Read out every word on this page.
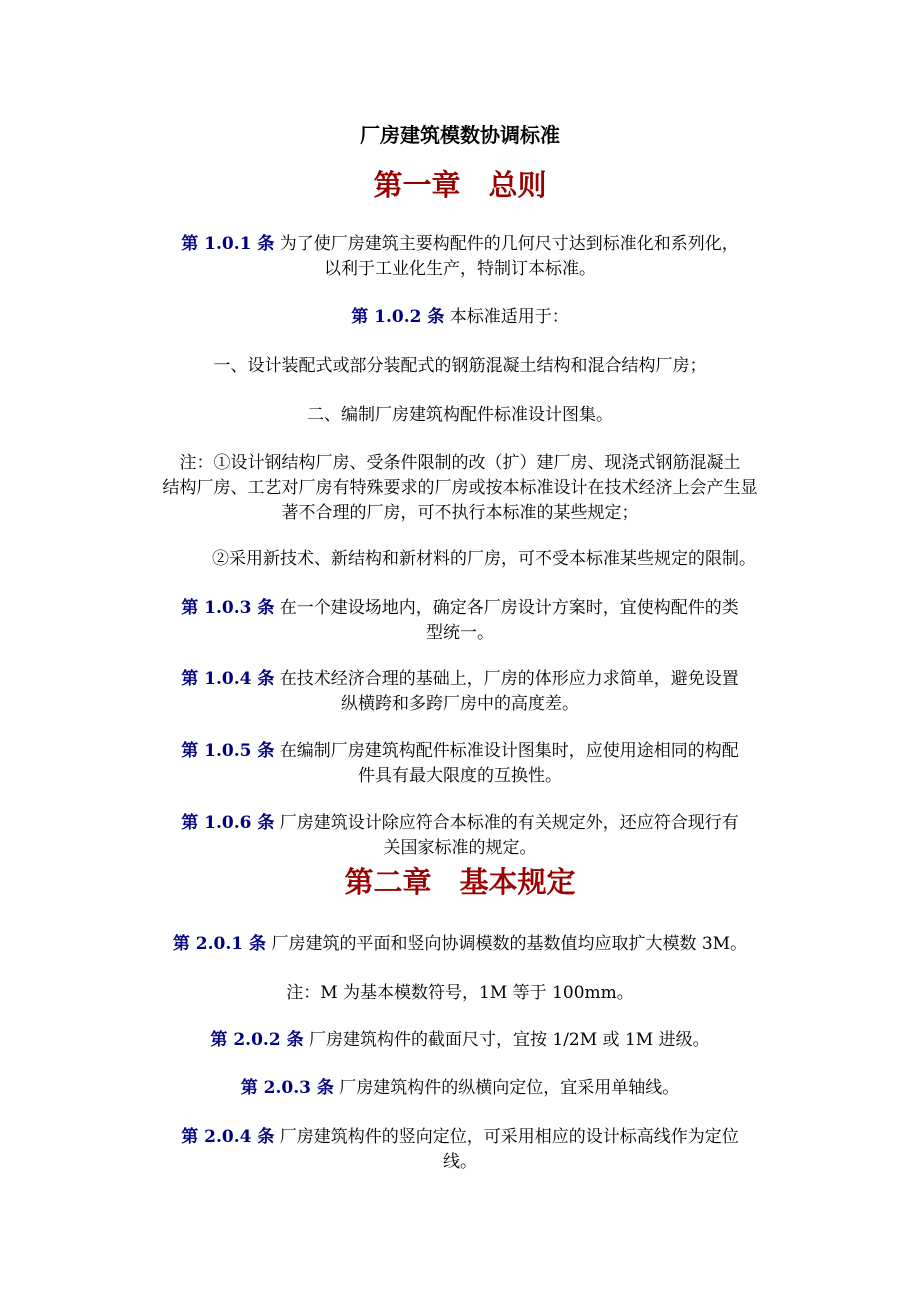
厂房建筑模数协调标准
第一章 总则
第 1.0.1 条 为了使厂房建筑主要构配件的几何尺寸达到标准化和系列化，
以利于工业化生产，特制订本标准。
第 1.0.2 条 本标准适用于：
一、设计装配式或部分装配式的钢筋混凝土结构和混合结构厂房；
二、编制厂房建筑构配件标准设计图集。
注：①设计钢结构厂房、受条件限制的改（扩）建厂房、现浇式钢筋混凝土
结构厂房、工艺对厂房有特殊要求的厂房或按本标准设计在技术经济上会产生显
著不合理的厂房，可不执行本标准的某些规定；
②采用新技术、新结构和新材料的厂房，可不受本标准某些规定的限制。
第 1.0.3 条 在一个建设场地内，确定各厂房设计方案时，宜使构配件的类
型统一。
第 1.0.4 条 在技术经济合理的基础上，厂房的体形应力求简单，避免设置
纵横跨和多跨厂房中的高度差。
第 1.0.5 条 在编制厂房建筑构配件标准设计图集时，应使用途相同的构配
件具有最大限度的互换性。
第 1.0.6 条 厂房建筑设计除应符合本标准的有关规定外，还应符合现行有
关国家标准的规定。
第二章 基本规定
第 2.0.1 条 厂房建筑的平面和竖向协调模数的基数值均应取扩大模数 3M。
注：M 为基本模数符号，1M 等于 100mm。
第 2.0.2 条 厂房建筑构件的截面尺寸，宜按 1/2M 或 1M 进级。
第 2.0.3 条 厂房建筑构件的纵横向定位，宜采用单轴线。
第 2.0.4 条 厂房建筑构件的竖向定位，可采用相应的设计标高线作为定位
线。
